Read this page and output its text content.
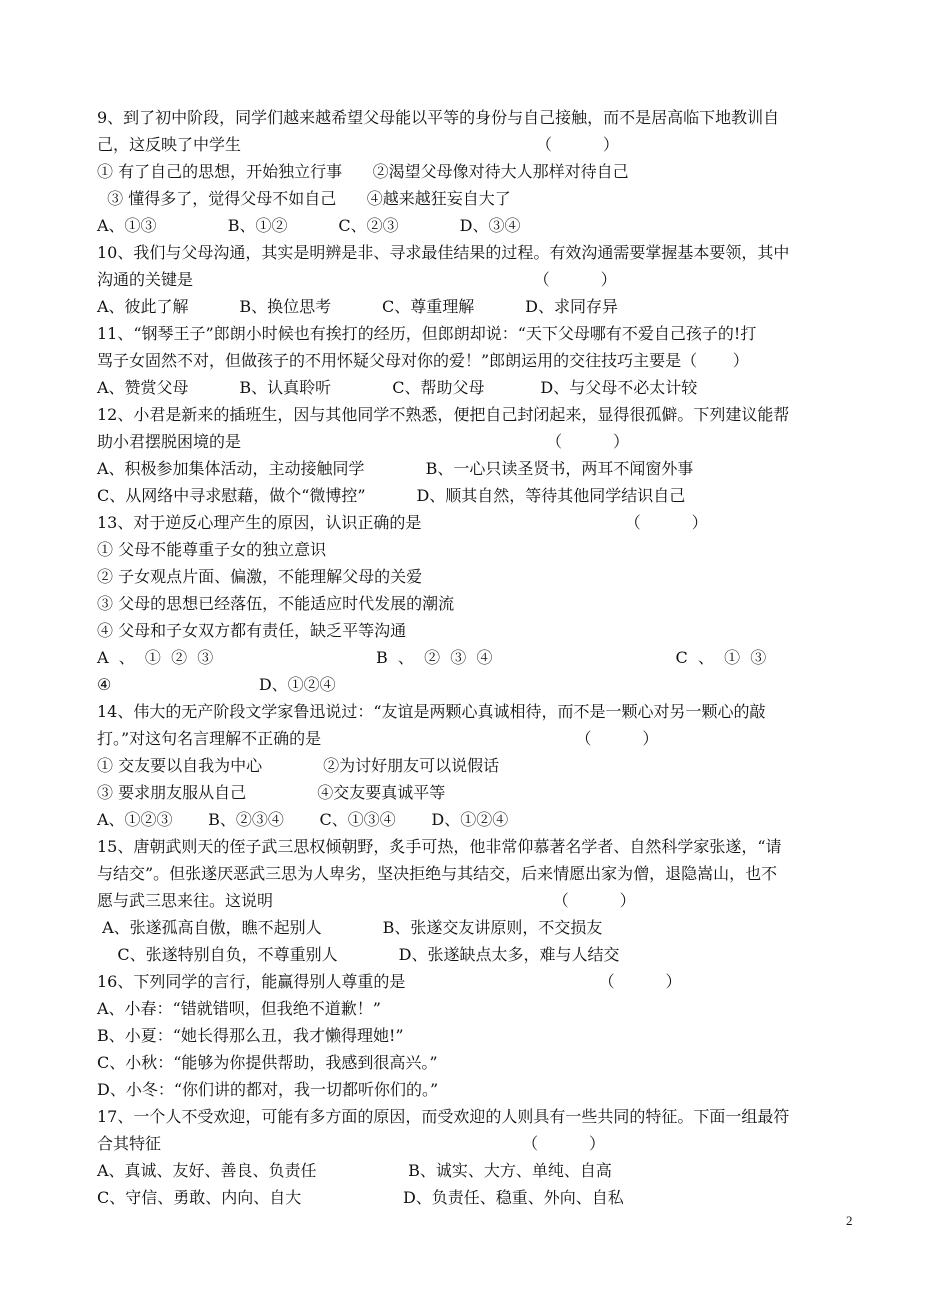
9、到了初中阶段，同学们越来越希望父母能以平等的身份与自己接触，而不是居高临下地教训自
己，这反映了中学生                                                          （          ）
① 有了自己的思想，开始独立行事      ②渴望父母像对待大人那样对待自己
③ 懂得多了，觉得父母不如自己      ④越来越狂妄自大了
A、①③              B、①②          C、②③            D、③④
10、我们与父母沟通，其实是明辨是非、寻求最佳结果的过程。有效沟通需要掌握基本要领，其中
沟通的关键是                                                                   （          ）
A、彼此了解          B、换位思考          C、尊重理解          D、求同存异
11、“钢琴王子”郎朗小时候也有挨打的经历，但郎朗却说：“天下父母哪有不爱自己孩子的!打
骂子女固然不对，但做孩子的不用怀疑父母对你的爱！”郎朗运用的交往技巧主要是（       ）
A、赞赏父母          B、认真聆听            C、帮助父母           D、与父母不必太计较
12、小君是新来的插班生，因与其他同学不熟悉，便把自己封闭起来，显得很孤僻。下列建议能帮
助小君摆脱困境的是                                                            （          ）
A、积极参加集体活动，主动接触同学            B、一心只读圣贤书，两耳不闻窗外事
C、从网络中寻求慰藉，做个“微博控”          D、顺其自然，等待其他同学结识自己
13、对于逆反心理产生的原因，认识正确的是                                        （          ）
① 父母不能尊重子女的独立意识
② 子女观点片面、偏激，不能理解父母的关爱
③ 父母的思想已经落伍，不能适应时代发展的潮流
④ 父母和子女双方都有责任，缺乏平等沟通
A  、  ①  ②  ③                                B  、  ②  ③  ④                                    C  、  ①  ③
④                             D、①②④
14、伟大的无产阶段文学家鲁迅说过：“友谊是两颗心真诚相待，而不是一颗心对另一颗心的敲
打。”对这句名言理解不正确的是                                                  （          ）
① 交友要以自我为中心            ②为讨好朋友可以说假话
③ 要求朋友服从自己              ④交友要真诚平等
A、①②③       B、②③④       C、①③④       D、①②④
15、唐朝武则天的侄子武三思权倾朝野，炙手可热，他非常仰慕著名学者、自然科学家张遂，“请
与结交”。但张遂厌恶武三思为人卑劣，坚决拒绝与其结交，后来情愿出家为僧，退隐嵩山，也不
愿与武三思来往。这说明                                                       （          ）
A、张遂孤高自傲，瞧不起别人            B、张遂交友讲原则，不交损友
C、张遂特别自负，不尊重别人            D、张遂缺点太多，难与人结交
16、下列同学的言行，能赢得别人尊重的是                                      （          ）
A、小春：“错就错呗，但我绝不道歉！”
B、小夏：“她长得那么丑，我才懒得理她!”
C、小秋：“能够为你提供帮助，我感到很高兴。”
D、小冬：“你们讲的都对，我一切都听你们的。”
17、一个人不受欢迎，可能有多方面的原因，而受欢迎的人则具有一些共同的特征。下面一组最符
合其特征                                                                       （          ）
A、真诚、友好、善良、负责任                  B、诚实、大方、单纯、自高
C、守信、勇敢、内向、自大                    D、负责任、稳重、外向、自私
2
